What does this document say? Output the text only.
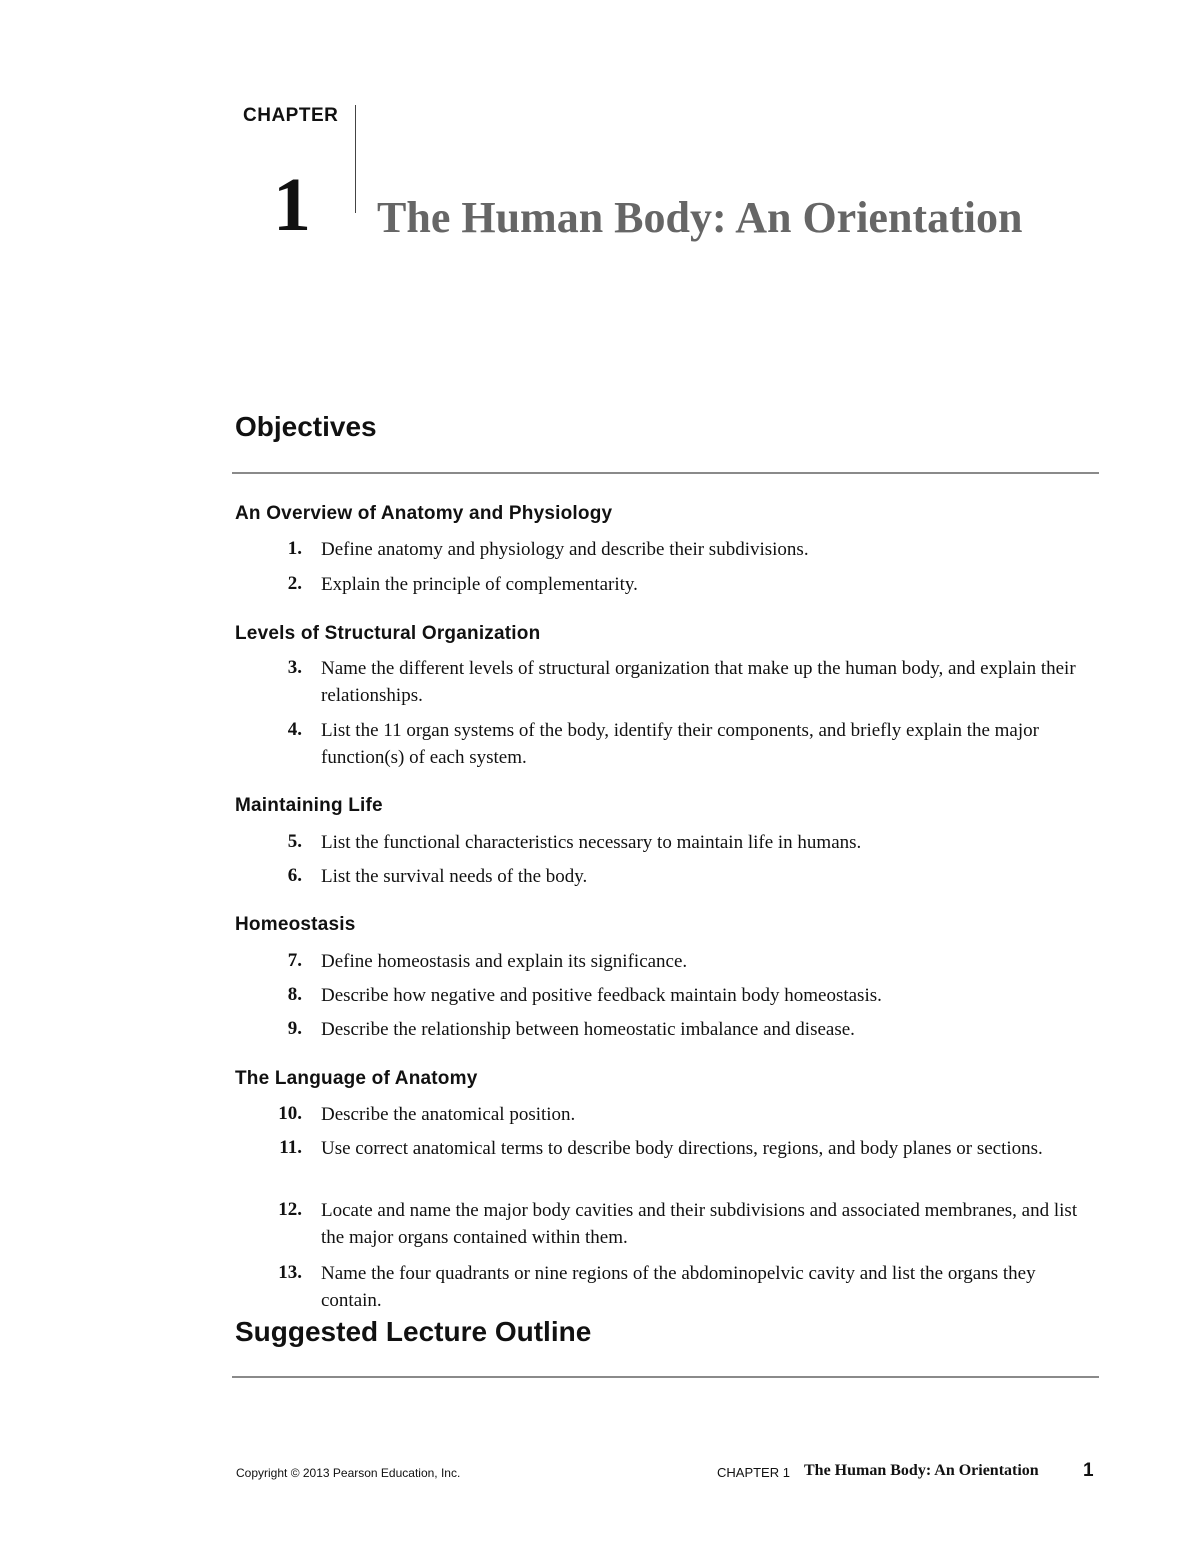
CHAPTER
1 The Human Body: An Orientation
Objectives
An Overview of Anatomy and Physiology
1. Define anatomy and physiology and describe their subdivisions.
2. Explain the principle of complementarity.
Levels of Structural Organization
3. Name the different levels of structural organization that make up the human body, and explain their relationships.
4. List the 11 organ systems of the body, identify their components, and briefly explain the major function(s) of each system.
Maintaining Life
5. List the functional characteristics necessary to maintain life in humans.
6. List the survival needs of the body.
Homeostasis
7. Define homeostasis and explain its significance.
8. Describe how negative and positive feedback maintain body homeostasis.
9. Describe the relationship between homeostatic imbalance and disease.
The Language of Anatomy
10. Describe the anatomical position.
11. Use correct anatomical terms to describe body directions, regions, and body planes or sections.
12. Locate and name the major body cavities and their subdivisions and associated membranes, and list the major organs contained within them.
13. Name the four quadrants or nine regions of the abdominopelvic cavity and list the organs they contain.
Suggested Lecture Outline
Copyright © 2013 Pearson Education, Inc.	CHAPTER 1 The Human Body: An Orientation 1
